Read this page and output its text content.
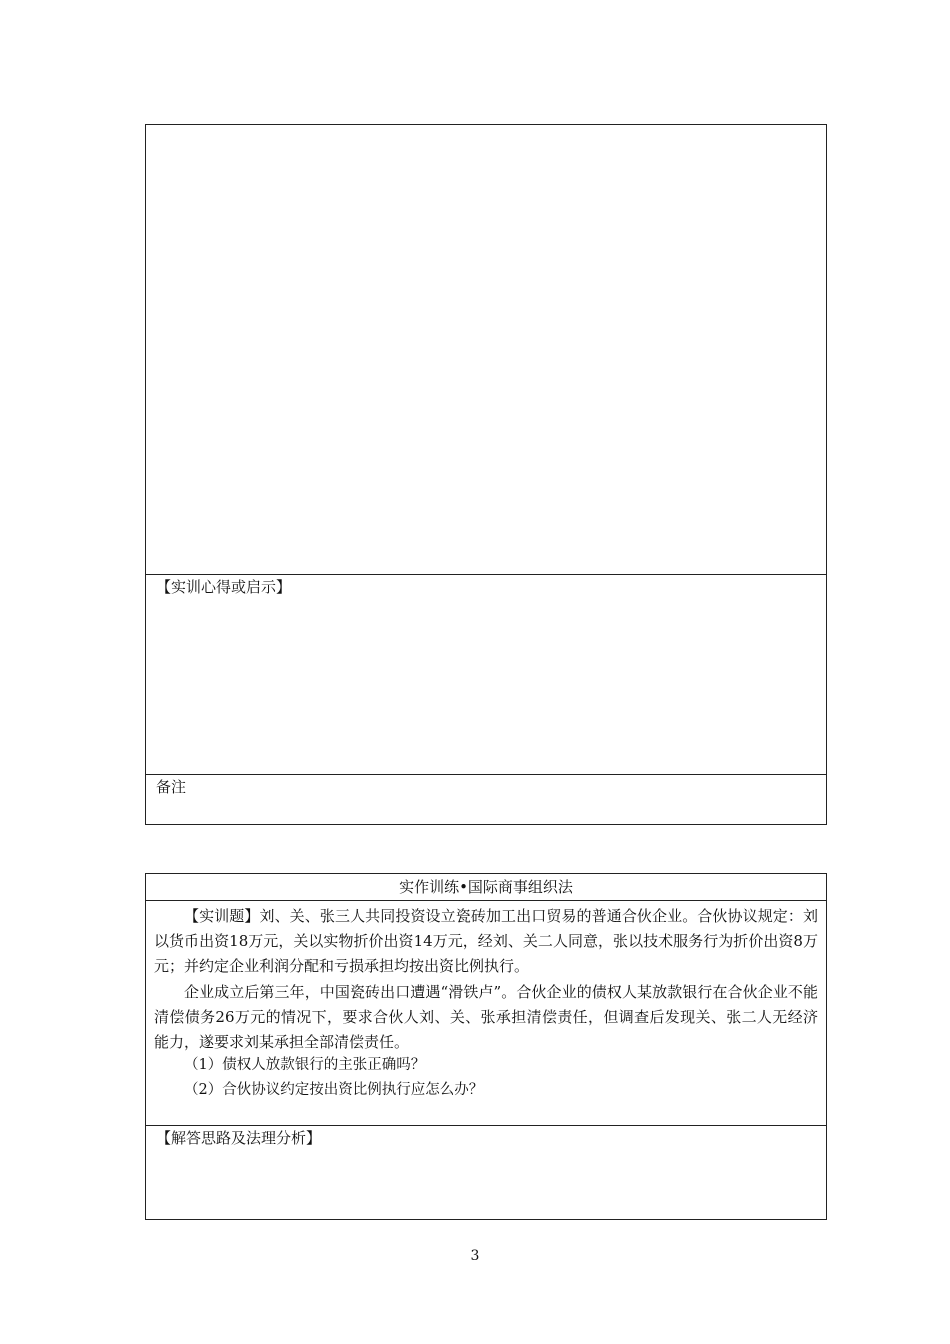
【实训心得或启示】
备注
实作训练•国际商事组织法

【实训题】刘、关、张三人共同投资设立瓷砖加工出口贸易的普通合伙企业。合伙协议规定：刘以货币出资18万元，关以实物折价出资14万元，经刘、关二人同意，张以技术服务行为折价出资8万元；并约定企业利润分配和亏损承担均按出资比例执行。

企业成立后第三年，中国瓷砖出口遭遇“滑铁卢”。合伙企业的债权人某放款银行在合伙企业不能清偿债务26万元的情况下，要求合伙人刘、关、张承担清偿责任，但调查后发现关、张二人无经济能力，遂要求刘某承担全部清偿责任。

（1）债权人放款银行的主张正确吗？
（2）合伙协议约定按出资比例执行应怎么办？
【解答思路及法理分析】
3
